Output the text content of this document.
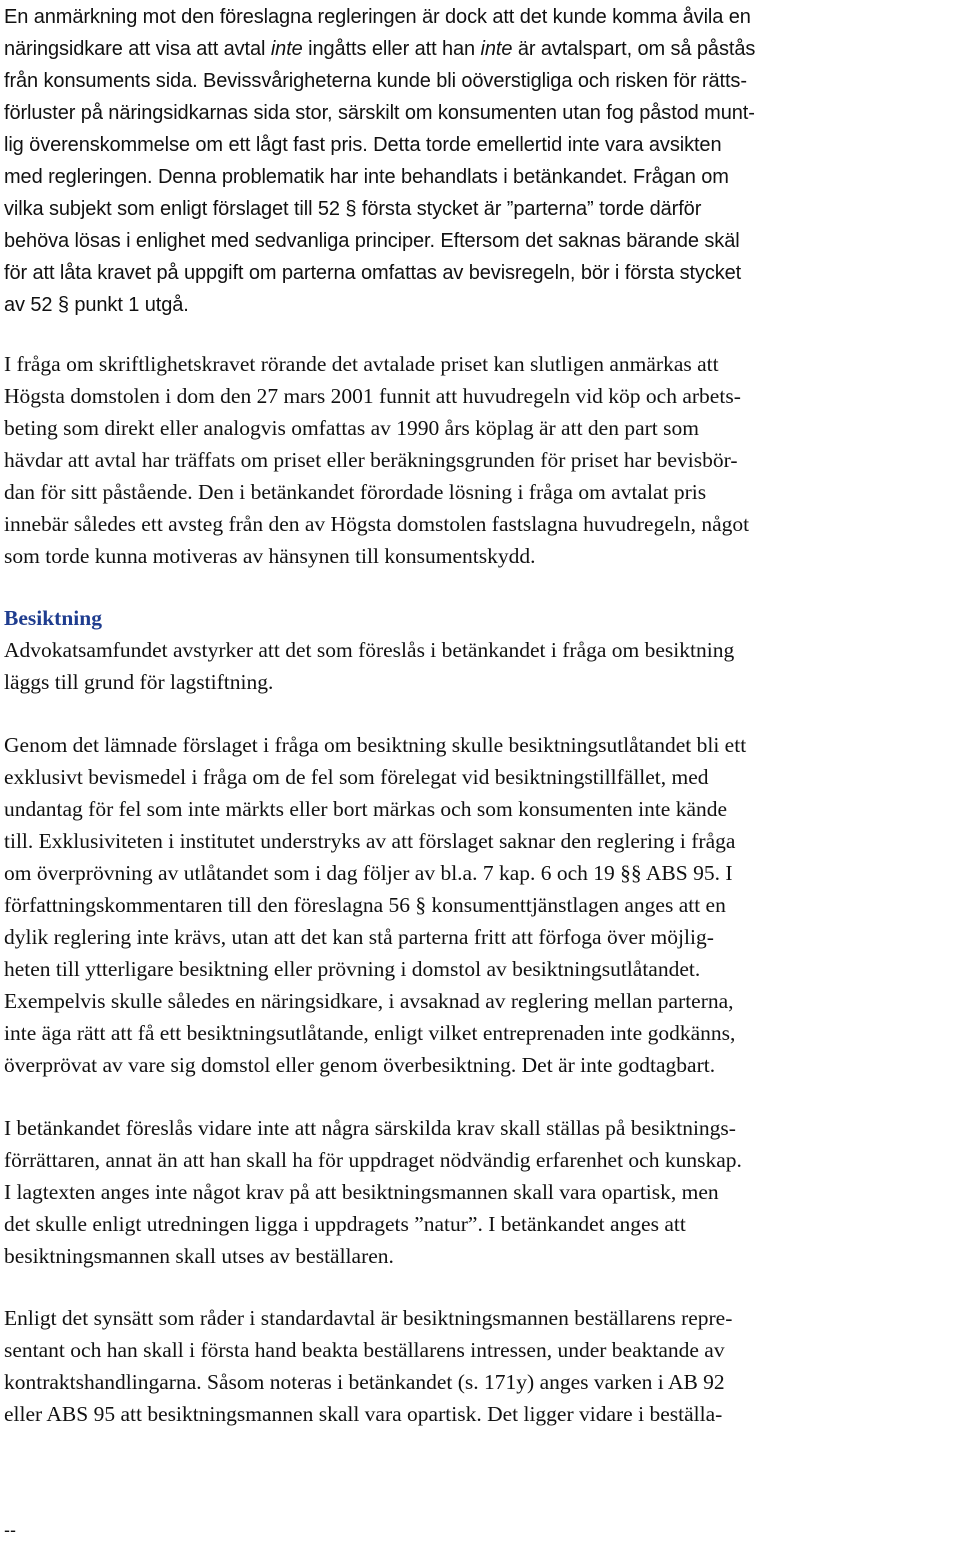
En anmärkning mot den föreslagna regleringen är dock att det kunde komma åvila en
näringsidkare att visa att avtal inte ingåtts eller att han inte är avtalspart, om så påstås
från konsuments sida. Bevissvårigheterna kunde bli oöverstigliga och risken för rätts-
förluster på näringsidkarnas sida stor, särskilt om konsumenten utan fog påstod munt-
lig överenskommelse om ett lågt fast pris. Detta torde emellertid inte vara avsikten
med regleringen. Denna problematik har inte behandlats i betänkandet. Frågan om
vilka subjekt som enligt förslaget till 52 § första stycket är ”parterna” torde därför
behöva lösas i enlighet med sedvanliga principer. Eftersom det saknas bärande skäl
för att låta kravet på uppgift om parterna omfattas av bevisregeln, bör i första stycket
av 52 § punkt 1 utgå.
I fråga om skriftlighetskravet rörande det avtalade priset kan slutligen anmärkas att
Högsta domstolen i dom den 27 mars 2001 funnit att huvudregeln vid köp och arbets-
beting som direkt eller analogvis omfattas av 1990 års köplag är att den part som
hävdar att avtal har träffats om priset eller beräkningsgrunden för priset har bevisbör-
dan för sitt påstående. Den i betänkandet förordade lösning i fråga om avtalat pris
innebär således ett avsteg från den av Högsta domstolen fastslagna huvudregeln, något
som torde kunna motiveras av hänsynen till konsumentskydd.
Besiktning
Advokatsamfundet avstyrker att det som föreslås i betänkandet i fråga om besiktning
läggs till grund för lagstiftning.
Genom det lämnade förslaget i fråga om besiktning skulle besiktningsutlåtandet bli ett
exklusivt bevismedel i fråga om de fel som förelegat vid besiktningstillfället, med
undantag för fel som inte märkts eller bort märkas och som konsumenten inte kände
till. Exklusiviteten i institutet understryks av att förslaget saknar den reglering i fråga
om överprövning av utlåtandet som i dag följer av bl.a. 7 kap. 6 och 19 §§ ABS 95. I
författningskommentaren till den föreslagna 56 § konsumenttjänstlagen anges att en
dylik reglering inte krävs, utan att det kan stå parterna fritt att förfoga över möjlig-
heten till ytterligare besiktning eller prövning i domstol av besiktningsutlåtandet.
Exempelvis skulle således en näringsidkare, i avsaknad av reglering mellan parterna,
inte äga rätt att få ett besiktningsutlåtande, enligt vilket entreprenaden inte godkänns,
överprövat av vare sig domstol eller genom överbesiktning. Det är inte godtagbart.
I betänkandet föreslås vidare inte att några särskilda krav skall ställas på besiktnings-
förrättaren, annat än att han skall ha för uppdraget nödvändig erfarenhet och kunskap.
I lagtexten anges inte något krav på att besiktningsmannen skall vara opartisk, men
det skulle enligt utredningen ligga i uppdragets ”natur”. I betänkandet anges att
besiktningsmannen skall utses av beställaren.
Enligt det synsätt som råder i standardavtal är besiktningsmannen beställarens repre-
sentant och han skall i första hand beakta beställarens intressen, under beaktande av
kontraktshandlingarna. Såsom noteras i betänkandet (s. 171y) anges varken i AB 92
eller ABS 95 att besiktningsmannen skall vara opartisk. Det ligger vidare i beställa-
--
